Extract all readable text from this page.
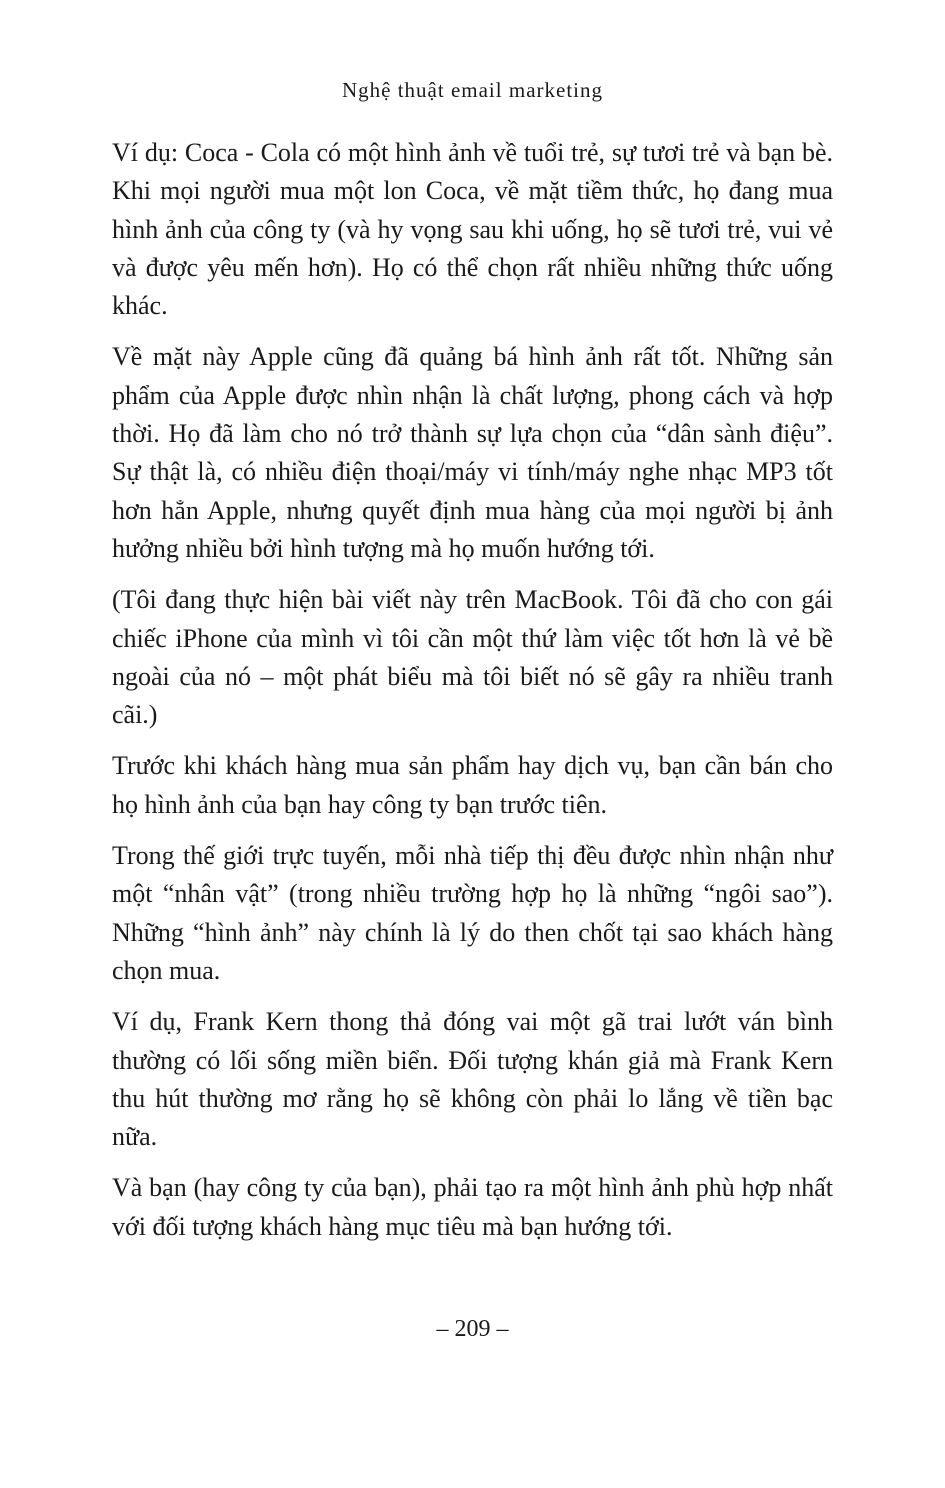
Nghệ thuật email marketing

Ví dụ: Coca - Cola có một hình ảnh về tuổi trẻ, sự tươi trẻ và bạn bè. Khi mọi người mua một lon Coca, về mặt tiềm thức, họ đang mua hình ảnh của công ty (và hy vọng sau khi uống, họ sẽ tươi trẻ, vui vẻ và được yêu mến hơn). Họ có thể chọn rất nhiều những thức uống khác.

Về mặt này Apple cũng đã quảng bá hình ảnh rất tốt. Những sản phẩm của Apple được nhìn nhận là chất lượng, phong cách và hợp thời. Họ đã làm cho nó trở thành sự lựa chọn của “dân sành điệu”. Sự thật là, có nhiều điện thoại/máy vi tính/máy nghe nhạc MP3 tốt hơn hẳn Apple, nhưng quyết định mua hàng của mọi người bị ảnh hưởng nhiều bởi hình tượng mà họ muốn hướng tới.

(Tôi đang thực hiện bài viết này trên MacBook. Tôi đã cho con gái chiếc iPhone của mình vì tôi cần một thứ làm việc tốt hơn là vẻ bề ngoài của nó – một phát biểu mà tôi biết nó sẽ gây ra nhiều tranh cãi.)

Trước khi khách hàng mua sản phẩm hay dịch vụ, bạn cần bán cho họ hình ảnh của bạn hay công ty bạn trước tiên.

Trong thế giới trực tuyến, mỗi nhà tiếp thị đều được nhìn nhận như một “nhân vật” (trong nhiều trường hợp họ là những “ngôi sao”). Những “hình ảnh” này chính là lý do then chốt tại sao khách hàng chọn mua.

Ví dụ, Frank Kern thong thả đóng vai một gã trai lướt ván bình thường có lối sống miền biển. Đối tượng khán giả mà Frank Kern thu hút thường mơ rằng họ sẽ không còn phải lo lắng về tiền bạc nữa.

Và bạn (hay công ty của bạn), phải tạo ra một hình ảnh phù hợp nhất với đối tượng khách hàng mục tiêu mà bạn hướng tới.

– 209 –
